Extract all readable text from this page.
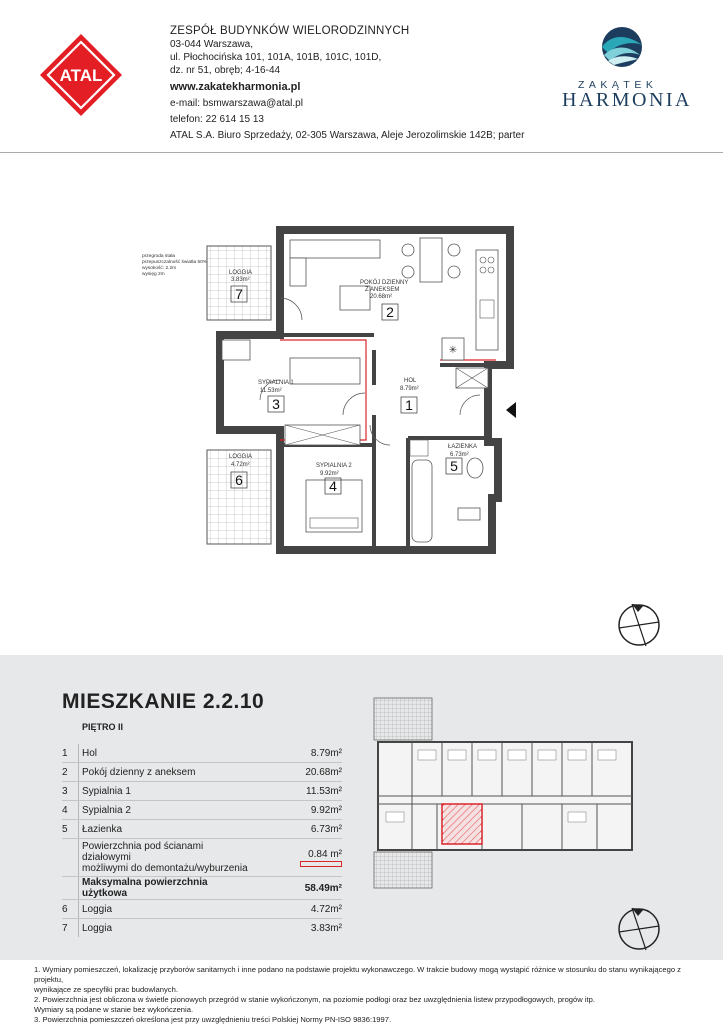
ATAL
ZESPÓŁ BUDYNKÓW WIELORODZINNYCH
03-044 Warszawa,
ul. Płochocińska 101, 101A, 101B, 101C, 101D,
dz. nr 51, obręb; 4-16-44
www.zakatekharmonia.pl
e-mail: bsmwarszawa@atal.pl
telefon: 22 614 15 13
ATAL S.A. Biuro Sprzedaży, 02-305 Warszawa, Aleje Jerozolimskie 142B; parter
ZAKĄTEK
HARMONIA
✳
przegroda stała
przepuszczalność światła 50%
wysokość: 2.2m
wysięg 2m	LOGGIA
3.83m²
7
POKÓJ DZIENNY
Z ANEKSEM
20.68m²
2
SYPIALNIA 1
11.53m²
3
HOL
8.79m²
1
LOGGIA
4.72m²
6
SYPIALNIA 2
9.92m²
4
ŁAZIENKA
6.73m²
5
MIESZKANIE 2.2.10
PIĘTRO II
1	Hol	8.79m²
2	Pokój dzienny z aneksem	20.68m²
3	Sypialnia 1	11.53m²
4	Sypialnia 2	9.92m²
5	Łazienka	6.73m²

	Powierzchnia pod ścianami działowymi
możliwymi do demontażu/wyburzenia	0.84 m²

	Maksymalna powierzchnia użytkowa	58.49m²
6	Loggia	4.72m²
7	Loggia	3.83m²
1. Wymiary pomieszczeń, lokalizację przyborów sanitarnych i inne podano na podstawie projektu wykonawczego. W trakcie budowy mogą wystąpić różnice w stosunku do stanu wynikającego z projektu,
wynikające ze specyfiki prac budowlanych.
2. Powierzchnia jest obliczona w świetle pionowych przegród w stanie wykończonym, na poziomie podłogi oraz bez uwzględnienia listew przypodłogowych, progów itp.
Wymiary są podane w stanie bez wykończenia.
3. Powierzchnia pomieszczeń określona jest przy uwzględnieniu treści Polskiej Normy PN-ISO 9836:1997.
